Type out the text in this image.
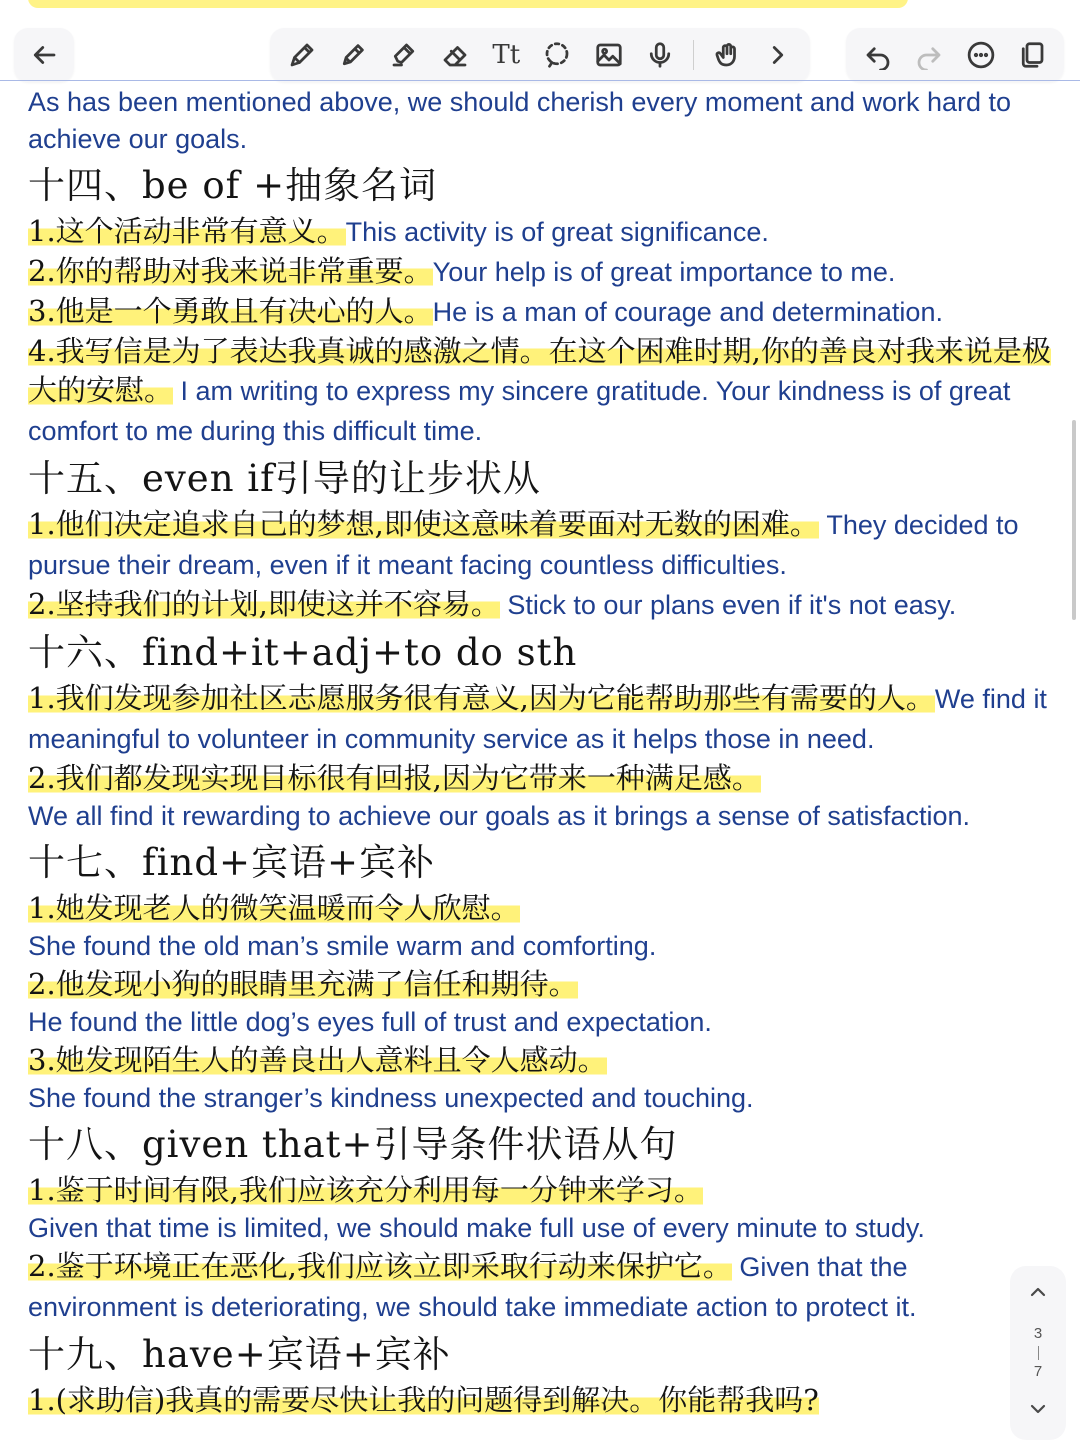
Tt

As has been mentioned above, we should cherish every moment and work hard to achieve our goals.

十四、be of +抽象名词

1.这个活动非常有意义。This activity is of great significance.

2.你的帮助对我来说非常重要。Your help is of great importance to me.

3.他是一个勇敢且有决心的人。He is a man of courage and determination.

4.我写信是为了表达我真诚的感激之情。在这个困难时期,你的善良对我来说是极大的安慰。 I am writing to express my sincere gratitude. Your kindness is of great comfort to me during this difficult time.

十五、even if引导的让步状从

1.他们决定追求自己的梦想,即使这意味着要面对无数的困难。 They decided to pursue their dream, even if it meant facing countless difficulties.

2.坚持我们的计划,即使这并不容易。 Stick to our plans even if it's not easy.

十六、find+it+adj+to do sth

1.我们发现参加社区志愿服务很有意义,因为它能帮助那些有需要的人。We find it meaningful to volunteer in community service as it helps those in need.

2.我们都发现实现目标很有回报,因为它带来一种满足感。

We all find it rewarding to achieve our goals as it brings a sense of satisfaction.

十七、find+宾语+宾补

1.她发现老人的微笑温暖而令人欣慰。

She found the old man’s smile warm and comforting.

2.他发现小狗的眼睛里充满了信任和期待。

He found the little dog’s eyes full of trust and expectation.

3.她发现陌生人的善良出人意料且令人感动。

She found the stranger’s kindness unexpected and touching.

十八、given that+引导条件状语从句

1.鉴于时间有限,我们应该充分利用每一分钟来学习。

Given that time is limited, we should make full use of every minute to study.

2.鉴于环境正在恶化,我们应该立即采取行动来保护它。 Given that the environment is deteriorating, we should take immediate action to protect it.

十九、have+宾语+宾补

1.(求助信)我真的需要尽快让我的问题得到解决。你能帮我吗?

3
7
